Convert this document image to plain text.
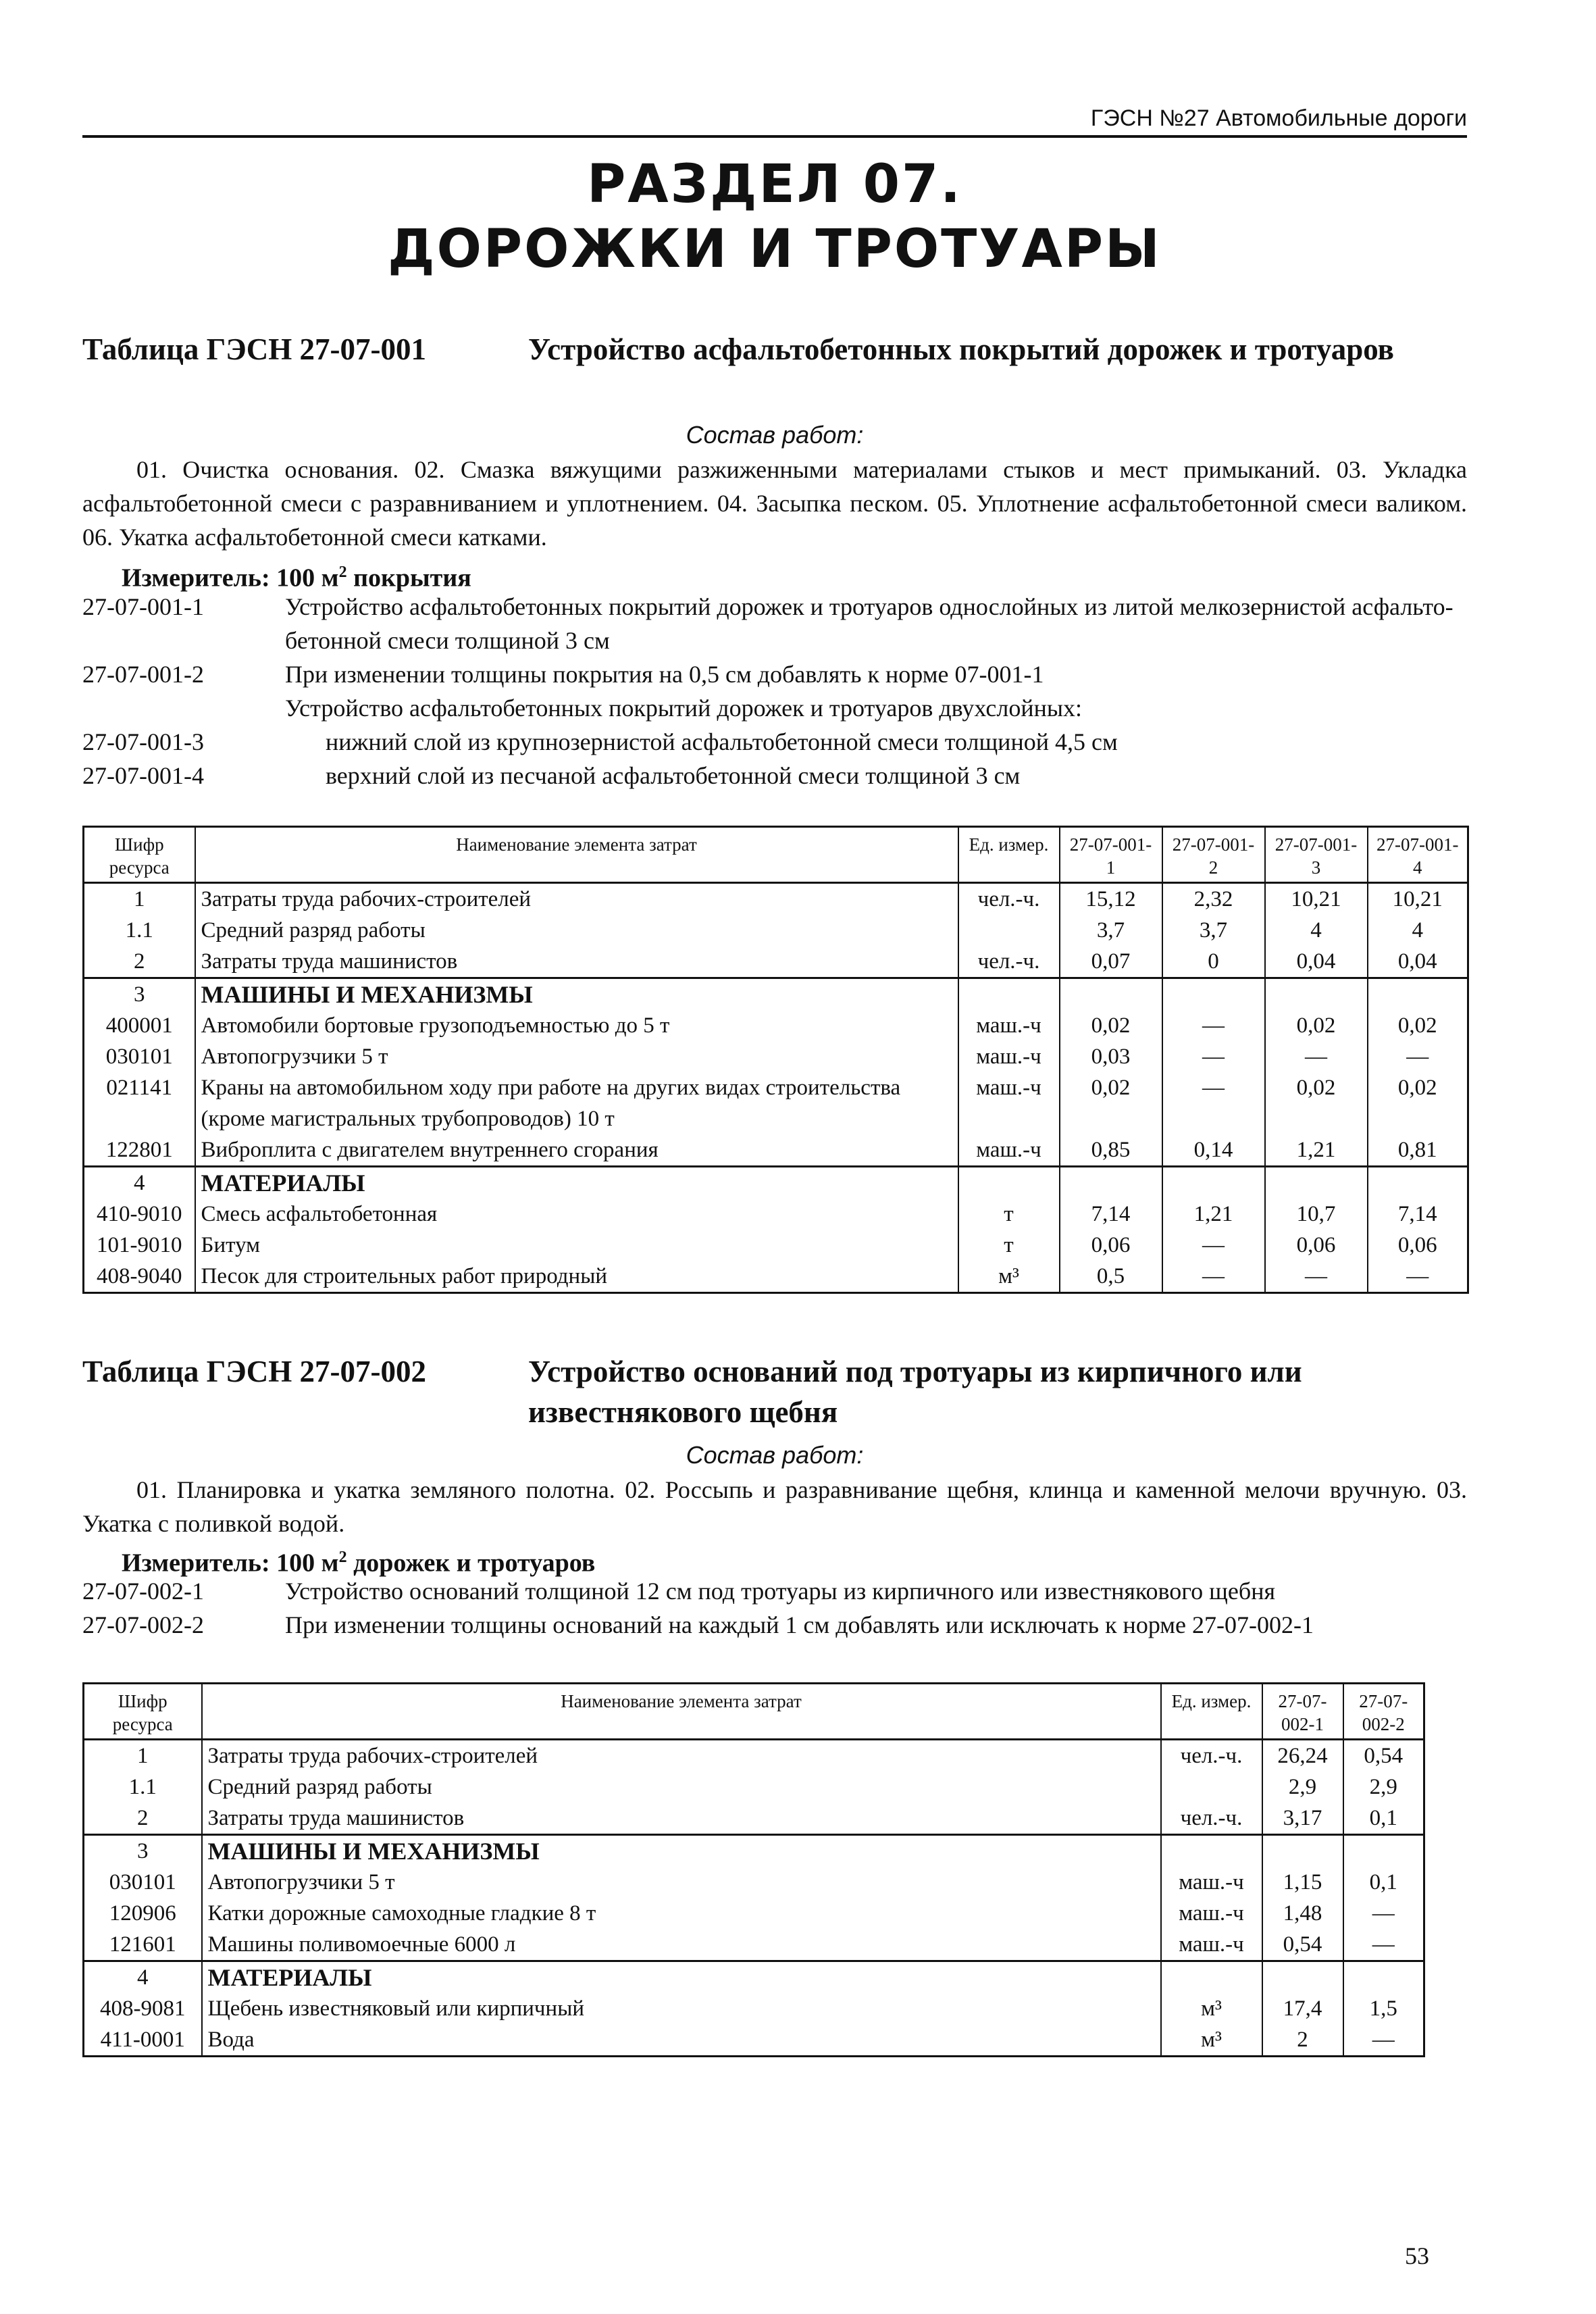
ГЭСН №27 Автомобильные дороги
РАЗДЕЛ 07.
ДОРОЖКИ И ТРОТУАРЫ
Таблица ГЭСН 27-07-001	Устройство асфальтобетонных покрытий дорожек и тротуаров
Состав работ:
01. Очистка основания. 02. Смазка вяжущими разжиженными материалами стыков и мест примыканий. 03. Укладка асфальтобетонной смеси с разравниванием и уплотнением. 04. Засыпка песком. 05. Уплотнение асфальтобетонной смеси валиком. 06. Укатка асфальтобетонной смеси катками.
Измеритель: 100 $м^2$ покрытия
27-07-001-1	Устройство асфальтобетонных покрытий дорожек и тротуаров однослойных из литой мелкозернистой асфальто-бетонной смеси толщиной 3 см
27-07-001-2	При изменении толщины покрытия на 0,5 см добавлять к норме 07-001-1
Устройство асфальтобетонных покрытий дорожек и тротуаров двухслойных:
27-07-001-3	нижний слой из крупнозернистой асфальтобетонной смеси толщиной 4,5 см
27-07-001-4	верхний слой из песчаной асфальтобетонной смеси толщиной 3 см
Шифр ресурса	Наименование элемента затрат	Ед. измер.	27-07-001-1	27-07-001-2	27-07-001-3	27-07-001-4
1	Затраты труда рабочих-строителей	чел.-ч.	15,12	2,32	10,21	10,21
1.1	Средний разряд работы		3,7	3,7	4	4
2	Затраты труда машинистов	чел.-ч.	0,07	0	0,04	0,04
3	МАШИНЫ И МЕХАНИЗМЫ					
400001	Автомобили бортовые грузоподъемностью до 5 т	маш.-ч	0,02	—	0,02	0,02
030101	Автопогрузчики 5 т	маш.-ч	0,03	—	—	—
021141	Краны на автомобильном ходу при работе на других видах строительства (кроме магистральных трубопроводов) 10 т	маш.-ч	0,02	—	0,02	0,02
122801	Виброплита с двигателем внутреннего сгорания	маш.-ч	0,85	0,14	1,21	0,81
4	МАТЕРИАЛЫ					
410-9010	Смесь асфальтобетонная	т	7,14	1,21	10,7	7,14
101-9010	Битум	т	0,06	—	0,06	0,06
408-9040	Песок для строительных работ природный	м³	0,5	—	—	—
Таблица ГЭСН 27-07-002	Устройство оснований под тротуары из кирпичного или известнякового щебня
Состав работ:
01. Планировка и укатка земляного полотна. 02. Россыпь и разравнивание щебня, клинца и каменной мелочи вручную. 03. Укатка с поливкой водой.
Измеритель: 100 $м^2$ дорожек и тротуаров
27-07-002-1	Устройство оснований толщиной 12 см под тротуары из кирпичного или известнякового щебня
27-07-002-2	При изменении толщины оснований на каждый 1 см добавлять или исключать к норме 27-07-002-1
Шифр ресурса	Наименование элемента затрат	Ед. измер.	27-07-002-1	27-07-002-2
1	Затраты труда рабочих-строителей	чел.-ч.	26,24	0,54
1.1	Средний разряд работы		2,9	2,9
2	Затраты труда машинистов	чел.-ч.	3,17	0,1
3	МАШИНЫ И МЕХАНИЗМЫ			
030101	Автопогрузчики 5 т	маш.-ч	1,15	0,1
120906	Катки дорожные самоходные гладкие 8 т	маш.-ч	1,48	—
121601	Машины поливомоечные 6000 л	маш.-ч	0,54	—
4	МАТЕРИАЛЫ			
408-9081	Щебень известняковый или кирпичный	м³	17,4	1,5
411-0001	Вода	м³	2	—
53
